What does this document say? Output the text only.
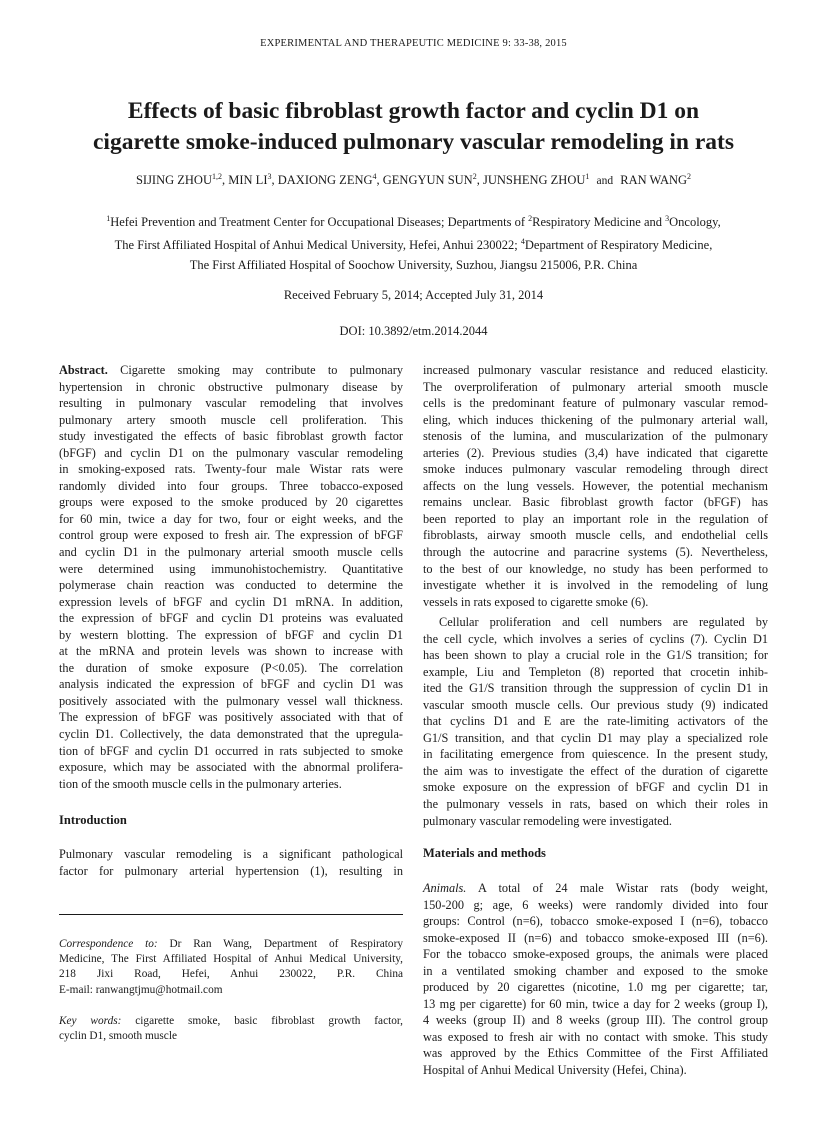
EXPERIMENTAL AND THERAPEUTIC MEDICINE 9: 33-38, 2015
Effects of basic fibroblast growth factor and cyclin D1 on
cigarette smoke-induced pulmonary vascular remodeling in rats
SIJING ZHOU$^{1,2}$, MIN $LI^3$, DAXIONG ZENG$^4$, GENGYUN SUN$^2$, JUNSHENG ZHOU$^1$ and RAN WANG$^2$
$^1$Hefei Prevention and Treatment Center for Occupational Diseases; Departments of $^2$Respiratory Medicine and $^3$Oncology,
The First Affiliated Hospital of Anhui Medical University, Hefei, Anhui 230022; $^4$Department of Respiratory Medicine,
The First Affiliated Hospital of Soochow University, Suzhou, Jiangsu 215006, P.R. China
Received February 5, 2014; Accepted July 31, 2014
DOI: 10.3892/etm.2014.2044
Abstract. Cigarette smoking may contribute to pulmonary
hypertension in chronic obstructive pulmonary disease by
resulting in pulmonary vascular remodeling that involves
pulmonary artery smooth muscle cell proliferation. This
study investigated the effects of basic fibroblast growth factor
(bFGF) and cyclin D1 on the pulmonary vascular remodeling
in smoking-exposed rats. Twenty-four male Wistar rats were
randomly divided into four groups. Three tobacco-exposed
groups were exposed to the smoke produced by 20 cigarettes
for 60 min, twice a day for two, four or eight weeks, and the
control group were exposed to fresh air. The expression of bFGF
and cyclin D1 in the pulmonary arterial smooth muscle cells
were determined using immunohistochemistry. Quantitative
polymerase chain reaction was conducted to determine the
expression levels of bFGF and cyclin D1 mRNA. In addition,
the expression of bFGF and cyclin D1 proteins was evaluated
by western blotting. The expression of bFGF and cyclin D1
at the mRNA and protein levels was shown to increase with
the duration of smoke exposure (P<0.05). The correlation
analysis indicated the expression of bFGF and cyclin D1 was
positively associated with the pulmonary vessel wall thickness.
The expression of bFGF was positively associated with that of
cyclin D1. Collectively, the data demonstrated that the upregula-
tion of bFGF and cyclin D1 occurred in rats subjected to smoke
exposure, which may be associated with the abnormal prolifera-
tion of the smooth muscle cells in the pulmonary arteries.
Introduction
Pulmonary vascular remodeling is a significant pathological
factor for pulmonary arterial hypertension (1), resulting in
Correspondence to: Dr Ran Wang, Department of Respiratory
Medicine, The First Affiliated Hospital of Anhui Medical University,
218 Jixi Road, Hefei, Anhui 230022, P.R. China
E-mail: ranwangtjmu@hotmail.com
Key words: cigarette smoke, basic fibroblast growth factor,
cyclin D1, smooth muscle
increased pulmonary vascular resistance and reduced elasticity.
The overproliferation of pulmonary arterial smooth muscle
cells is the predominant feature of pulmonary vascular remod-
eling, which induces thickening of the pulmonary arterial wall,
stenosis of the lumina, and muscularization of the pulmonary
arteries (2). Previous studies (3,4) have indicated that cigarette
smoke induces pulmonary vascular remodeling through direct
affects on the lung vessels. However, the potential mechanism
remains unclear. Basic fibroblast growth factor (bFGF) has
been reported to play an important role in the regulation of
fibroblasts, airway smooth muscle cells, and endothelial cells
through the autocrine and paracrine systems (5). Nevertheless,
to the best of our knowledge, no study has been performed to
investigate whether it is involved in the remodeling of lung
vessels in rats exposed to cigarette smoke (6).
Cellular proliferation and cell numbers are regulated by
the cell cycle, which involves a series of cyclins (7). Cyclin D1
has been shown to play a crucial role in the G1/S transition; for
example, Liu and Templeton (8) reported that crocetin inhib-
ited the G1/S transition through the suppression of cyclin D1 in
vascular smooth muscle cells. Our previous study (9) indicated
that cyclins D1 and E are the rate-limiting activators of the
G1/S transition, and that cyclin D1 may play a specialized role
in facilitating emergence from quiescence. In the present study,
the aim was to investigate the effect of the duration of cigarette
smoke exposure on the expression of bFGF and cyclin D1 in
the pulmonary vessels in rats, based on which their roles in
pulmonary vascular remodeling were investigated.
Materials and methods
Animals. A total of 24 male Wistar rats (body weight,
150-200 g; age, 6 weeks) were randomly divided into four
groups: Control (n=6), tobacco smoke-exposed I (n=6), tobacco
smoke-exposed II (n=6) and tobacco smoke-exposed III (n=6).
For the tobacco smoke-exposed groups, the animals were placed
in a ventilated smoking chamber and exposed to the smoke
produced by 20 cigarettes (nicotine, 1.0 mg per cigarette; tar,
13 mg per cigarette) for 60 min, twice a day for 2 weeks (group I),
4 weeks (group II) and 8 weeks (group III). The control group
was exposed to fresh air with no contact with smoke. This study
was approved by the Ethics Committee of the First Affiliated
Hospital of Anhui Medical University (Hefei, China).
